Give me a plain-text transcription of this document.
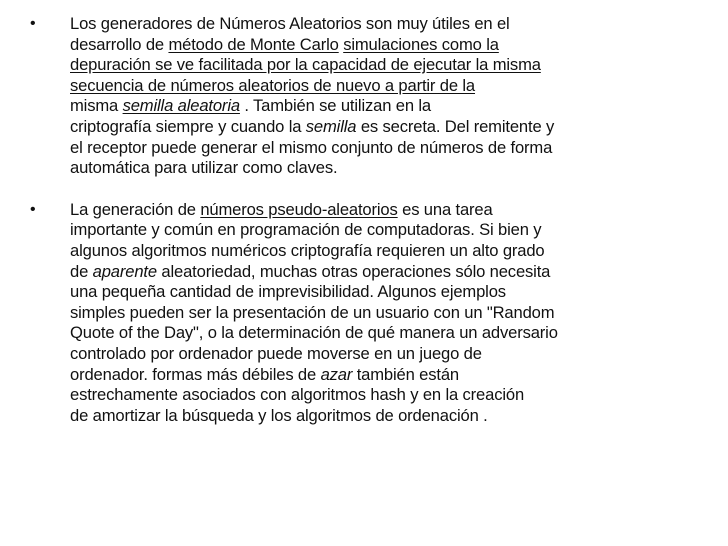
• Los generadores de Números Aleatorios son muy útiles en el
desarrollo de método de Monte Carlo simulaciones como la
depuración se ve facilitada por la capacidad de ejecutar la misma
secuencia de números aleatorios de nuevo a partir de la
misma semilla aleatoria . También se utilizan en la
criptografía siempre y cuando la semilla es secreta. Del remitente y
el receptor puede generar el mismo conjunto de números de forma
automática para utilizar como claves.
• La generación de números pseudo-aleatorios es una tarea
importante y común en programación de computadoras. Si bien y
algunos algoritmos numéricos criptografía requieren un alto grado
de aparente aleatoriedad, muchas otras operaciones sólo necesita
una pequeña cantidad de imprevisibilidad. Algunos ejemplos
simples pueden ser la presentación de un usuario con un "Random
Quote of the Day", o la determinación de qué manera un adversario
controlado por ordenador puede moverse en un juego de
ordenador. formas más débiles de azar también están
estrechamente asociados con algoritmos hash y en la creación
de amortizar la búsqueda y los algoritmos de ordenación .
